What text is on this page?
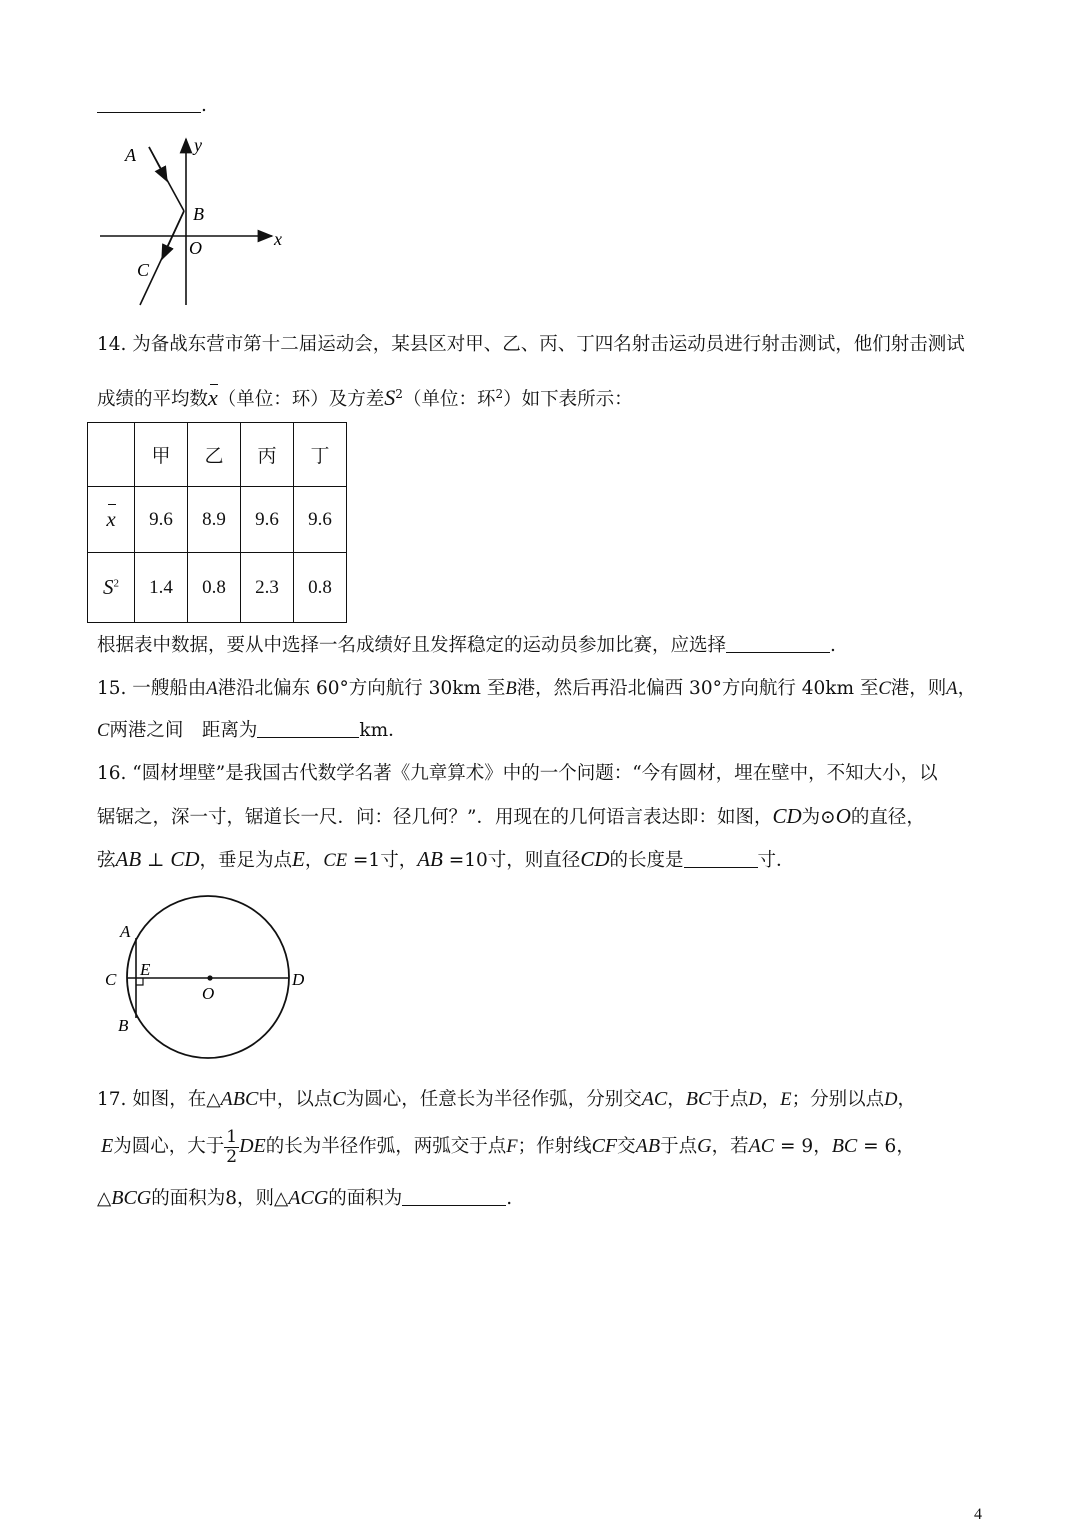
.
A	y
B
O	x
C
14. 为备战东营市第十二届运动会，某县区对甲、乙、丙、丁四名射击运动员进行射击测试，他们射击测试
成绩的平均数x（单位：环）及方差$S^2$（单位：环$^2$）如下表所示：
	甲	乙	丙	丁
x	9.6	8.9	9.6	9.6
$S^2$	1.4	0.8	2.3	0.8
根据表中数据，要从中选择一名成绩好且发挥稳定的运动员参加比赛，应选择	.
15. 一艘船由A港沿北偏东 60°方向航行 30km 至B港，然后再沿北偏西 30°方向航行 40km 至C港，则A，
C两港之间　距离为	km．
16. “圆材埋壁”是我国古代数学名著《九章算术》中的一个问题：“今有圆材，埋在壁中，不知大小，以
锯锯之，深一寸，锯道长一尺．问：径几何？”．用现在的几何语言表达即：如图，CD为⊙O的直径，
弦AB ⊥ CD，垂足为点E，CE =1寸，AB =10寸，则直径CD的长度是	寸．
A
C
E
O
D
B
17. 如图，在△ABC中，以点C为圆心，任意长为半径作弧，分别交AC，BC于点D，E；分别以点D，
E为圆心，大于 $\frac{1}{2}$ DE的长为半径作弧，两弧交于点F；作射线CF交AB于点G，若AC = 9，BC = 6，
△BCG的面积为8，则△ACG的面积为	.
4
